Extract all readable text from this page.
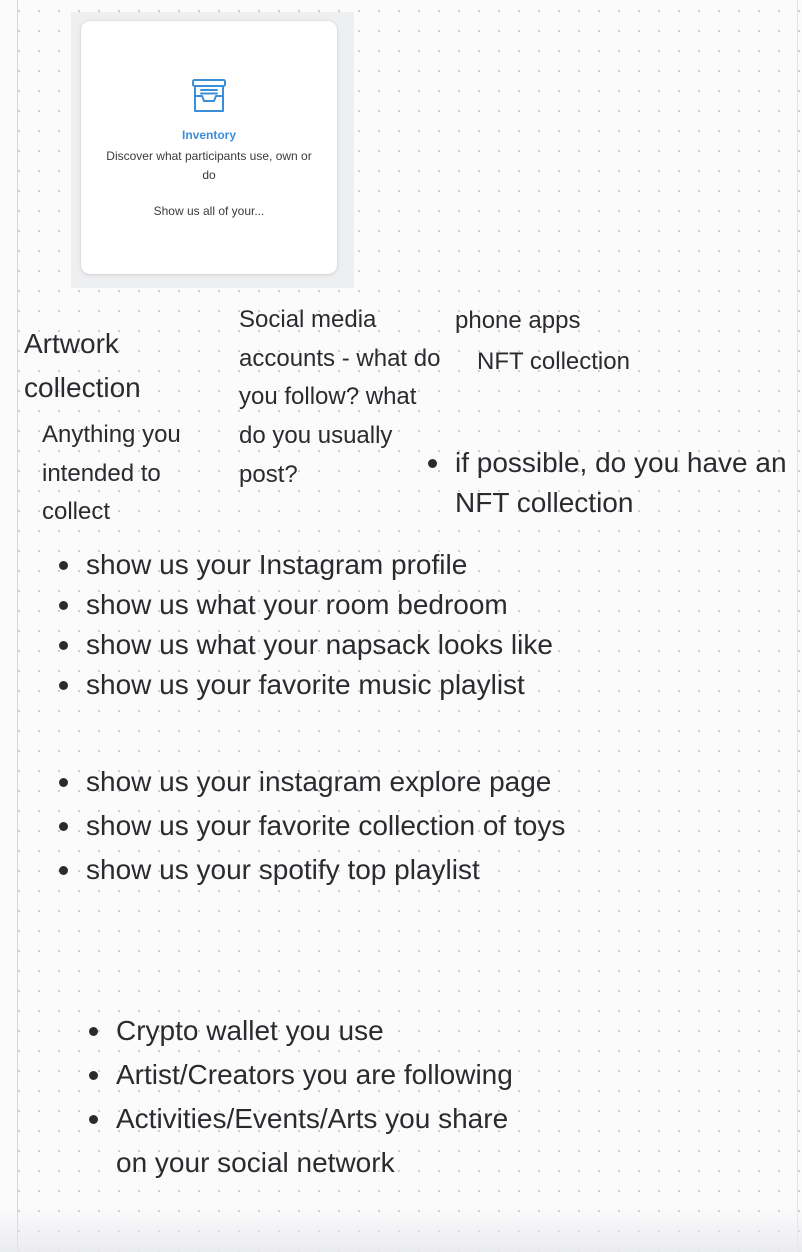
Inventory
Discover what participants use, own or do
Show us all of your...

Artwork collection

Anything you intended to collect

Social media accounts - what do you follow? what do you usually post?

phone apps

NFT collection

if possible, do you have an NFT collection
show us your Instagram profile
show us what your room bedroom
show us what your napsack looks like
show us your favorite music playlist
show us your instagram explore page
show us your favorite collection of toys
show us your spotify top playlist
Crypto wallet you use
Artist/Creators you are following
Activities/Events/Arts you share on your social network
